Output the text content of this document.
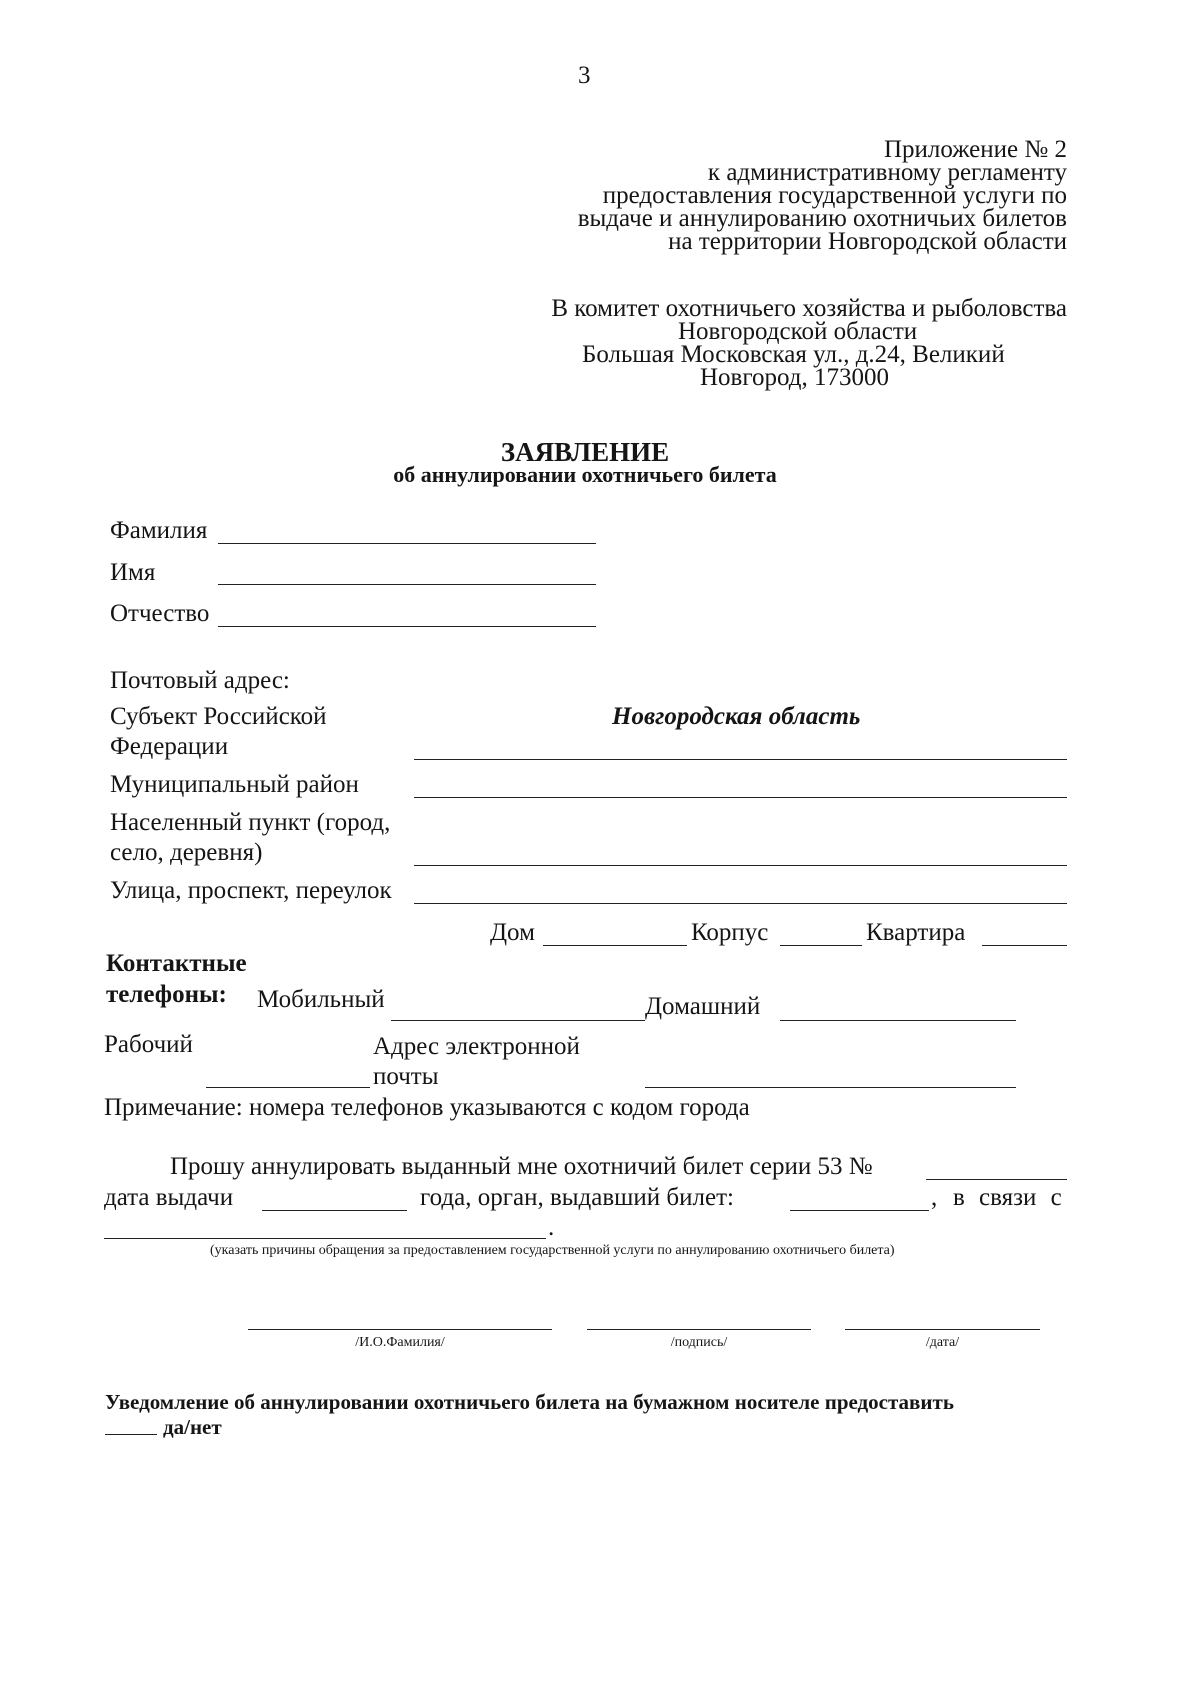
3
Приложение № 2
к административному регламенту
предоставления государственной услуги по
выдаче и аннулированию охотничьих билетов
на территории Новгородской области
В комитет охотничьего хозяйства и рыболовства
Новгородской области
Большая Московская ул., д.24, Великий
Новгород, 173000
ЗАЯВЛЕНИЕ
об аннулировании охотничьего билета
Фамилия
Имя
Отчество
Почтовый адрес:
Субъект Российской
Федерации
Новгородская область
Муниципальный район
Населенный пункт (город,
село, деревня)
Улица, проспект, переулок
Дом	Корпус	Квартира
Контактные
телефоны: Мобильный	Домашний
Рабочий	Адрес электронной
почты
Примечание: номера телефонов указываются с кодом города
Прошу аннулировать выданный мне охотничий билет серии 53 №
дата выдачи	года, орган, выдавший билет:	, в связи с
.
(указать причины обращения за предоставлением государственной услуги по аннулированию охотничьего билета)
/И.О.Фамилия/	/подпись/	/дата/
Уведомление об аннулировании охотничьего билета на бумажном носителе предоставить
да/нет
